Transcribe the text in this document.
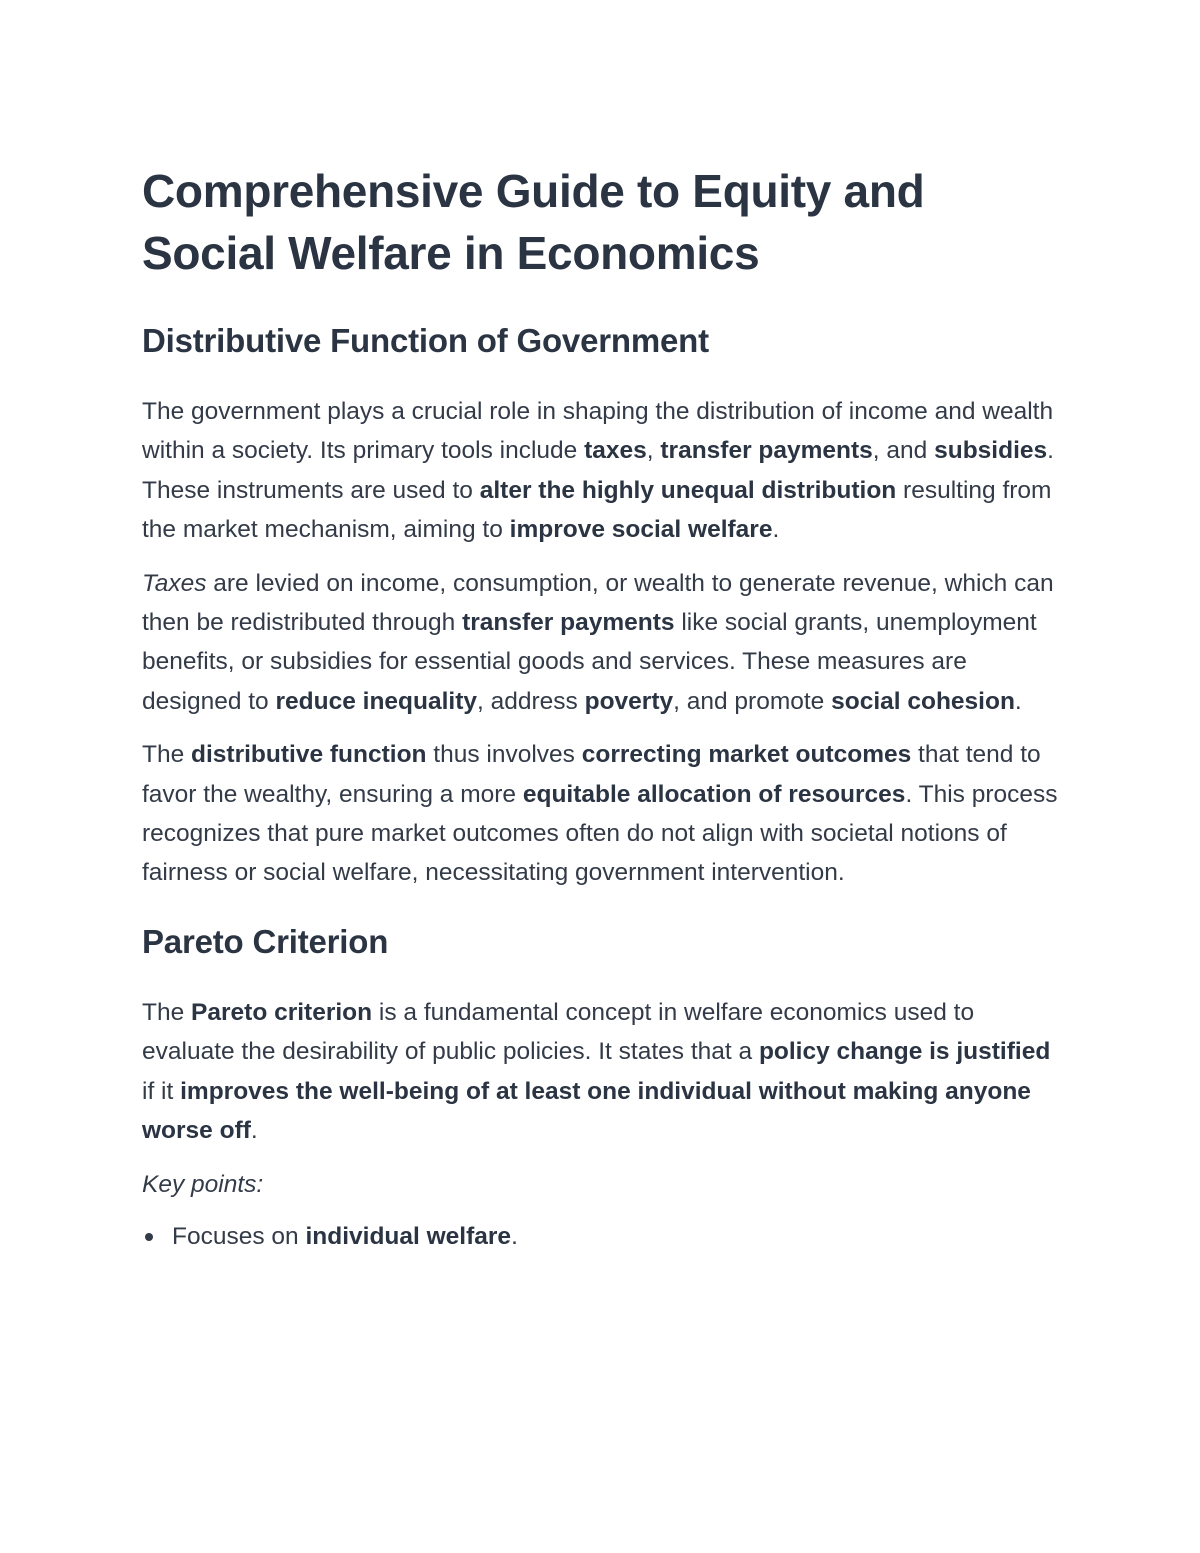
Comprehensive Guide to Equity and Social Welfare in Economics
Distributive Function of Government

The government plays a crucial role in shaping the distribution of income and wealth within a society. Its primary tools include taxes, transfer payments, and subsidies. These instruments are used to alter the highly unequal distribution resulting from the market mechanism, aiming to improve social welfare.

Taxes are levied on income, consumption, or wealth to generate revenue, which can then be redistributed through transfer payments like social grants, unemployment benefits, or subsidies for essential goods and services. These measures are designed to reduce inequality, address poverty, and promote social cohesion.

The distributive function thus involves correcting market outcomes that tend to favor the wealthy, ensuring a more equitable allocation of resources. This process recognizes that pure market outcomes often do not align with societal notions of fairness or social welfare, necessitating government intervention.

Pareto Criterion

The Pareto criterion is a fundamental concept in welfare economics used to evaluate the desirability of public policies. It states that a policy change is justified if it improves the well-being of at least one individual without making anyone worse off.

Key points:

Focuses on individual welfare.
